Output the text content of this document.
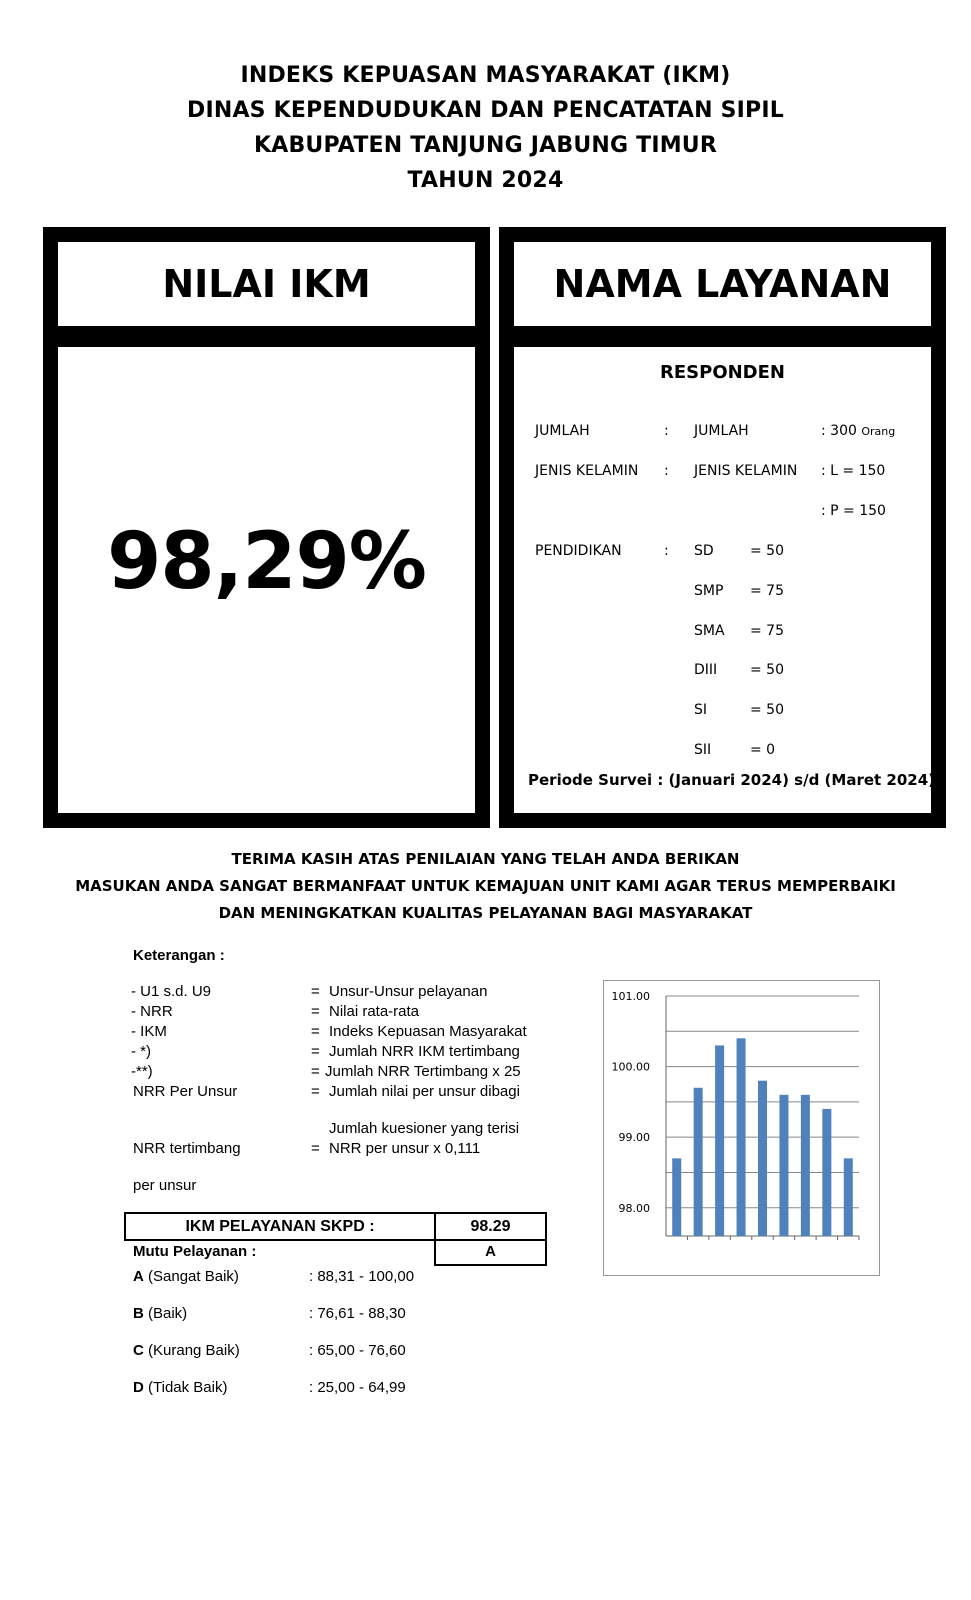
INDEKS KEPUASAN MASYARAKAT (IKM)
DINAS KEPENDUDUKAN DAN PENCATATAN SIPIL
KABUPATEN TANJUNG JABUNG TIMUR
TAHUN 2024
NILAI IKM
98,29%
NAMA LAYANAN
RESPONDEN
JUMLAH	: JUMLAH	: 300 Orang
JENIS KELAMIN : JENIS KELAMIN : L = 150
: P = 150
PENDIDIKAN	: SD	= 50
SMP = 75
SMA = 75
DIII = 50
SI	= 50
SII	= 0
Periode Survei : (Januari 2024) s/d (Maret 2024)
TERIMA KASIH ATAS PENILAIAN YANG TELAH ANDA BERIKAN
MASUKAN ANDA SANGAT BERMANFAAT UNTUK KEMAJUAN UNIT KAMI AGAR TERUS MEMPERBAIKI
DAN MENINGKATKAN KUALITAS PELAYANAN BAGI MASYARAKAT
Keterangan :
- U1 s.d. U9	= Unsur-Unsur pelayanan
- NRR	= Nilai rata-rata
- IKM	= Indeks Kepuasan Masyarakat
- *)	= Jumlah NRR IKM tertimbang
-**)	= Jumlah NRR Tertimbang x 25
NRR Per Unsur	= Jumlah nilai per unsur dibagi
Jumlah kuesioner yang terisi
NRR tertimbang	= NRR per unsur x 0,111
per unsur
IKM PELAYANAN SKPD :	98.29
Mutu Pelayanan :	A
A (Sangat Baik)	: 88,31 - 100,00
B (Baik)	: 76,61 - 88,30
C (Kurang Baik)	: 65,00 - 76,60
D (Tidak Baik)	: 25,00 - 64,99
101.00
100.00
99.00
98.00
